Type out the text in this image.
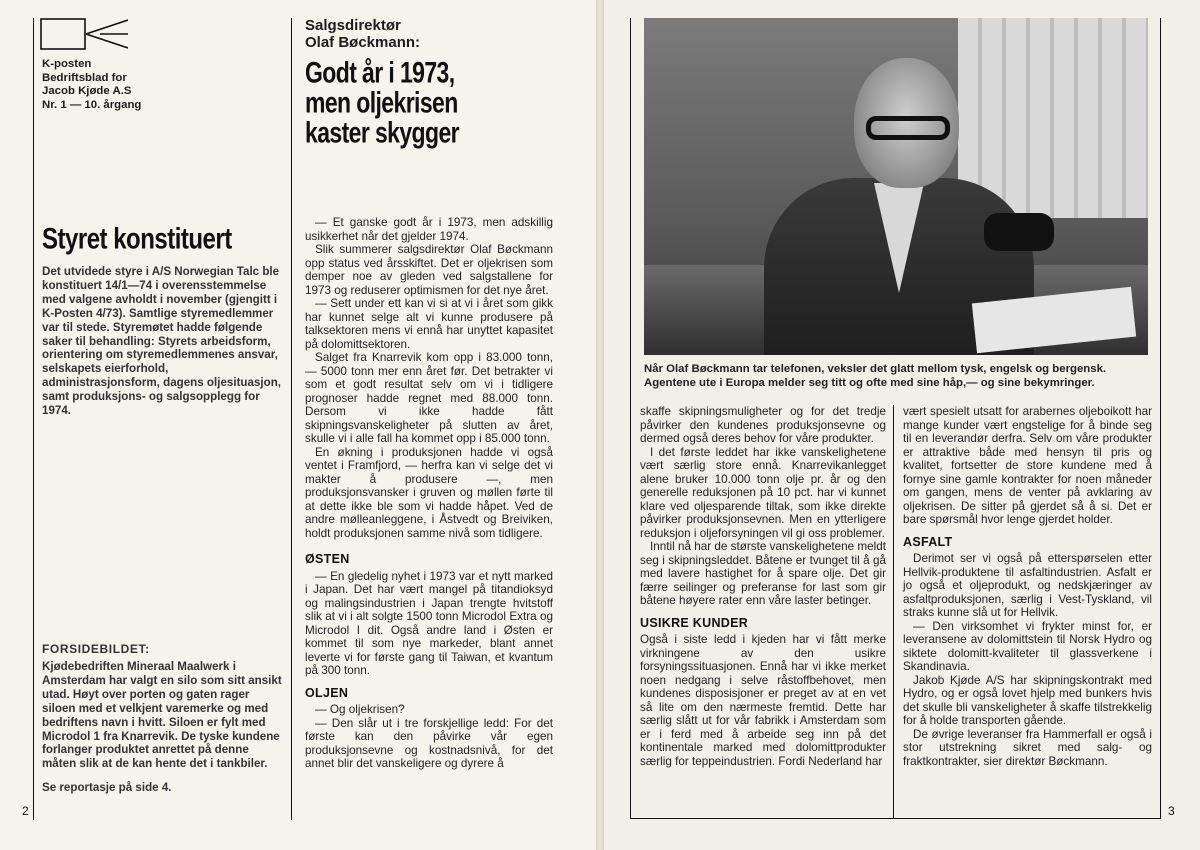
K-posten
Bedriftsblad for
Jacob Kjøde A.S
Nr. 1 — 10. årgang
Styret konstituert
Det utvidede styre i A/S Norwegian Talc ble konstituert 14/1—74 i overensstemmelse med valgene avholdt i november (gjengitt i K-Posten 4/73). Samtlige styremedlemmer var til stede. Styremøtet hadde følgende saker til behandling: Styrets arbeidsform, orientering om styremedlemmenes ansvar, selskapets eierforhold, administrasjonsform, dagens oljesituasjon, samt produksjons- og salgsopplegg for 1974.
FORSIDEBILDET:
Kjødebedriften Mineraal Maalwerk i Amsterdam har valgt en silo som sitt ansikt utad. Høyt over porten og gaten rager siloen med et velkjent varemerke og med bedriftens navn i hvitt. Siloen er fylt med Microdol 1 fra Knarrevik. De tyske kundene forlanger produktet anrettet på denne måten slik at de kan hente det i tankbiler.
Se reportasje på side 4.
2
Salgsdirektør
Olaf Bøckmann:
Godt år i 1973,
men oljekrisen
kaster skygger

— Et ganske godt år i 1973, men adskillig usikkerhet når det gjelder 1974.

Slik summerer salgsdirektør Olaf Bøckmann opp status ved årsskiftet. Det er oljekrisen som demper noe av gleden ved salgstallene for 1973 og reduserer optimismen for det nye året.

— Sett under ett kan vi si at vi i året som gikk har kunnet selge alt vi kunne produsere på talksektoren mens vi ennå har unyttet kapasitet på dolomittsektoren.

Salget fra Knarrevik kom opp i 83.000 tonn, — 5000 tonn mer enn året før. Det betrakter vi som et godt resultat selv om vi i tidligere prognoser hadde regnet med 88.000 tonn. Dersom vi ikke hadde fått skipningsvanskeligheter på slutten av året, skulle vi i alle fall ha kommet opp i 85.000 tonn.

En økning i produksjonen hadde vi også ventet i Framfjord, — herfra kan vi selge det vi makter å produsere —, men produksjonsvansker i gruven og møllen førte til at dette ikke ble som vi hadde håpet. Ved de andre mølleanleggene, i Åstvedt og Breiviken, holdt produksjonen samme nivå som tidligere.

ØSTEN

— En gledelig nyhet i 1973 var et nytt marked i Japan. Det har vært mangel på titandioksyd og malingsindustrien i Japan trengte hvitstoff slik at vi i alt solgte 1500 tonn Microdol Extra og Microdol I dit. Også andre land i Østen er kommet til som nye markeder, blant annet leverte vi for første gang til Taiwan, et kvantum på 300 tonn.

OLJEN

— Og oljekrisen?

— Den slår ut i tre forskjellige ledd: For det første kan den påvirke vår egen produksjonsevne og kostnadsnivå, for det annet blir det vanskeligere og dyrere å

Når Olaf Bøckmann tar telefonen, veksler det glatt mellom tysk, engelsk og bergensk. Agentene ute i Europa melder seg titt og ofte med sine håp,— og sine bekymringer.

skaffe skipningsmuligheter og for det tredje påvirker den kundenes produksjonsevne og dermed også deres behov for våre produkter.

I det første leddet har ikke vanskelighetene vært særlig store ennå. Knarrevikanlegget alene bruker 10.000 tonn olje pr. år og den generelle reduksjonen på 10 pct. har vi kunnet klare ved oljesparende tiltak, som ikke direkte påvirker produksjonsevnen. Men en ytterligere reduksjon i oljeforsyningen vil gi oss problemer.

Inntil nå har de største vanskelighetene meldt seg i skipningsleddet. Båtene er tvunget til å gå med lavere hastighet for å spare olje. Det gir færre seilinger og preferanse for last som gir båtene høyere rater enn våre laster betinger.

USIKRE KUNDER

Også i siste ledd i kjeden har vi fått merke virkningene av den usikre forsyningssituasjonen. Ennå har vi ikke merket noen nedgang i selve råstoffbehovet, men kundenes disposisjoner er preget av at en vet så lite om den nærmeste fremtid. Dette har særlig slått ut for vår fabrikk i Amsterdam som er i ferd med å arbeide seg inn på det kontinentale marked med dolomittprodukter særlig for teppeindustrien. Fordi Nederland har

vært spesielt utsatt for arabernes oljeboikott har mange kunder vært engstelige for å binde seg til en leverandør derfra. Selv om våre produkter er attraktive både med hensyn til pris og kvalitet, fortsetter de store kundene med å fornye sine gamle kontrakter for noen måneder om gangen, mens de venter på avklaring av oljekrisen. De sitter på gjerdet så å si. Det er bare spørsmål hvor lenge gjerdet holder.

ASFALT

Derimot ser vi også på etterspørselen etter Hellvik-produktene til asfaltindustrien. Asfalt er jo også et oljeprodukt, og nedskjæringer av asfaltproduksjonen, særlig i Vest-Tyskland, vil straks kunne slå ut for Hellvik.

— Den virksomhet vi frykter minst for, er leveransene av dolomittstein til Norsk Hydro og siktete dolomitt-kvaliteter til glassverkene i Skandinavia.

Jakob Kjøde A/S har skipningskontrakt med Hydro, og er også lovet hjelp med bunkers hvis det skulle bli vanskeligheter å skaffe tilstrekkelig for å holde transporten gående.

De øvrige leveranser fra Hammerfall er også i stor utstrekning sikret med salg- og fraktkontrakter, sier direktør Bøckmann.

3
